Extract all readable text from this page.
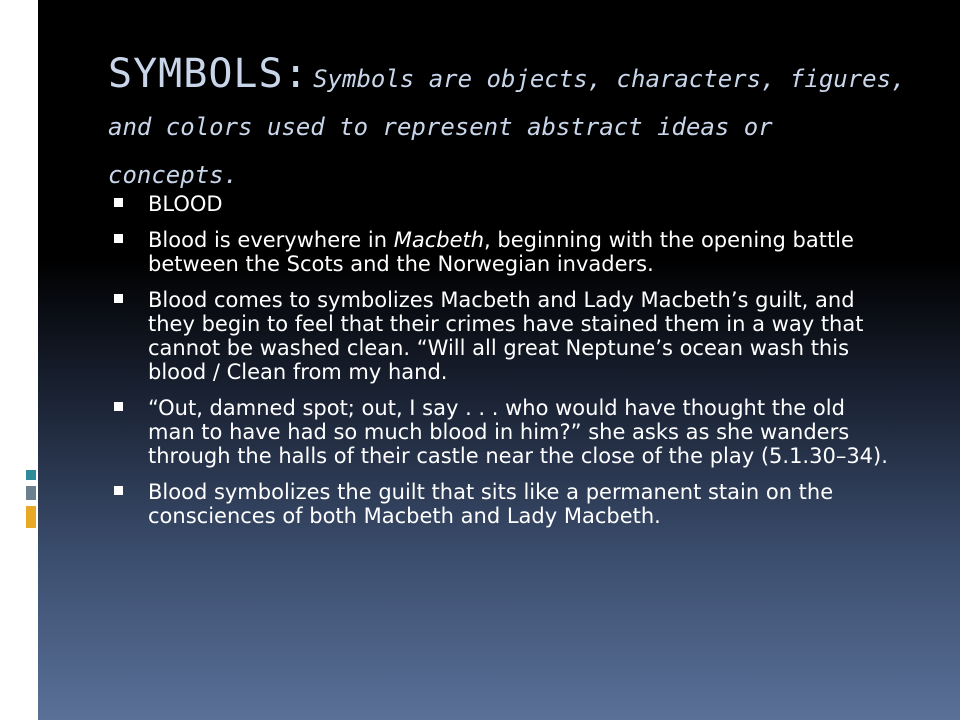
SYMBOLS: Symbols are objects, characters, figures, and colors used to represent abstract ideas or concepts.
BLOOD
Blood is everywhere in Macbeth, beginning with the opening battle between the Scots and the Norwegian invaders.
Blood comes to symbolizes Macbeth and Lady Macbeth’s guilt, and they begin to feel that their crimes have stained them in a way that cannot be washed clean. “Will all great Neptune’s ocean wash this blood / Clean from my hand.
“Out, damned spot; out, I say . . . who would have thought the old man to have had so much blood in him?” she asks as she wanders through the halls of their castle near the close of the play (5.1.30–34).
Blood symbolizes the guilt that sits like a permanent stain on the consciences of both Macbeth and Lady Macbeth.
